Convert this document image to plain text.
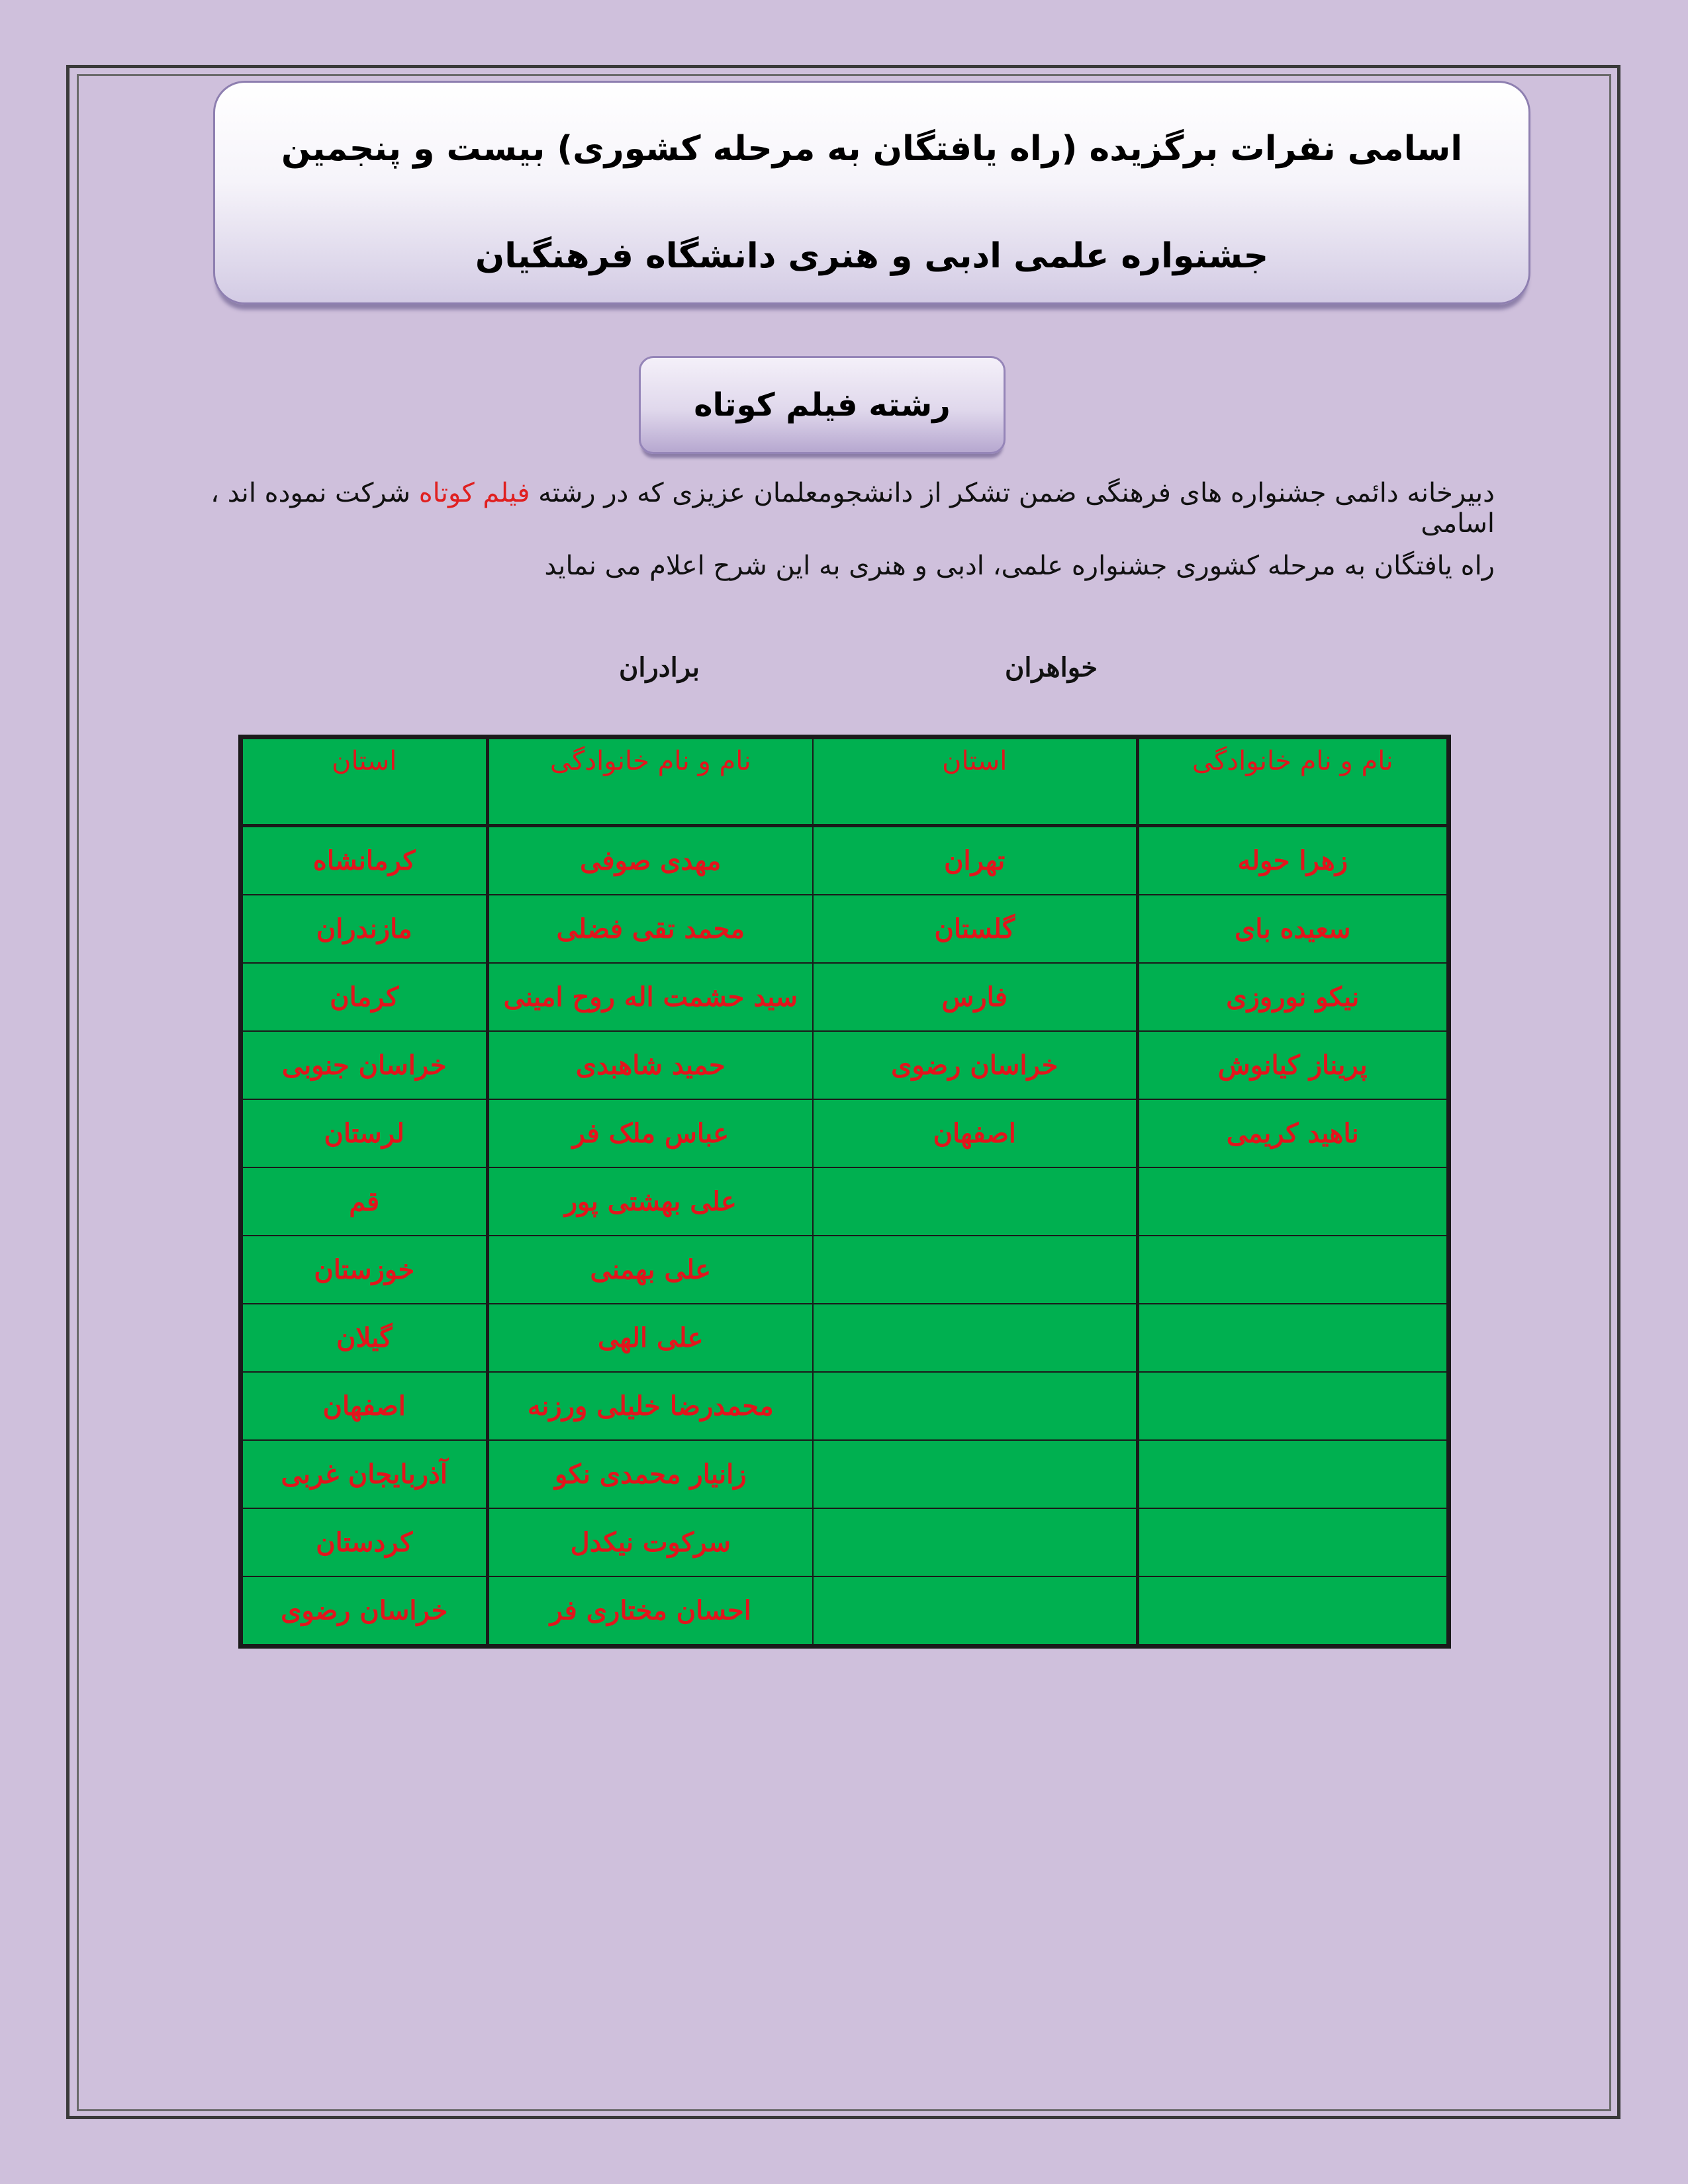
اسامی نفرات برگزیده (راه یافتگان به مرحله کشوری) بیست و پنجمین
جشنواره علمی ادبی و هنری دانشگاه فرهنگیان
رشته فیلم کوتاه
دبیرخانه دائمی جشنواره های فرهنگی ضمن تشکر از دانشجومعلمان عزیزی که در رشته فیلم کوتاه شرکت نموده اند ، اسامی
راه یافتگان به مرحله کشوری جشنواره علمی، ادبی و هنری به این شرح اعلام می نماید
خواهران
برادران
استان	نام و نام خانوادگی	استان	نام و نام خانوادگی
کرمانشاه	مهدی صوفی	تهران	زهرا حوله
مازندران	محمد تقی فضلی	گلستان	سعیده بای
کرمان	سید حشمت اله روح امینی	فارس	نیکو نوروزی
خراسان جنوبی	حمید شاهبدی	خراسان رضوی	پریناز کیانوش
لرستان	عباس ملک فر	اصفهان	ناهید کریمی
قم	علی بهشتی پور		
خوزستان	علی بهمنی		
گیلان	علی الهی		
اصفهان	محمدرضا خلیلی ورزنه		
آذربایجان غربی	زانیار محمدی نکو		
کردستان	سرکوت نیکدل		
خراسان رضوی	احسان مختاری فر		
